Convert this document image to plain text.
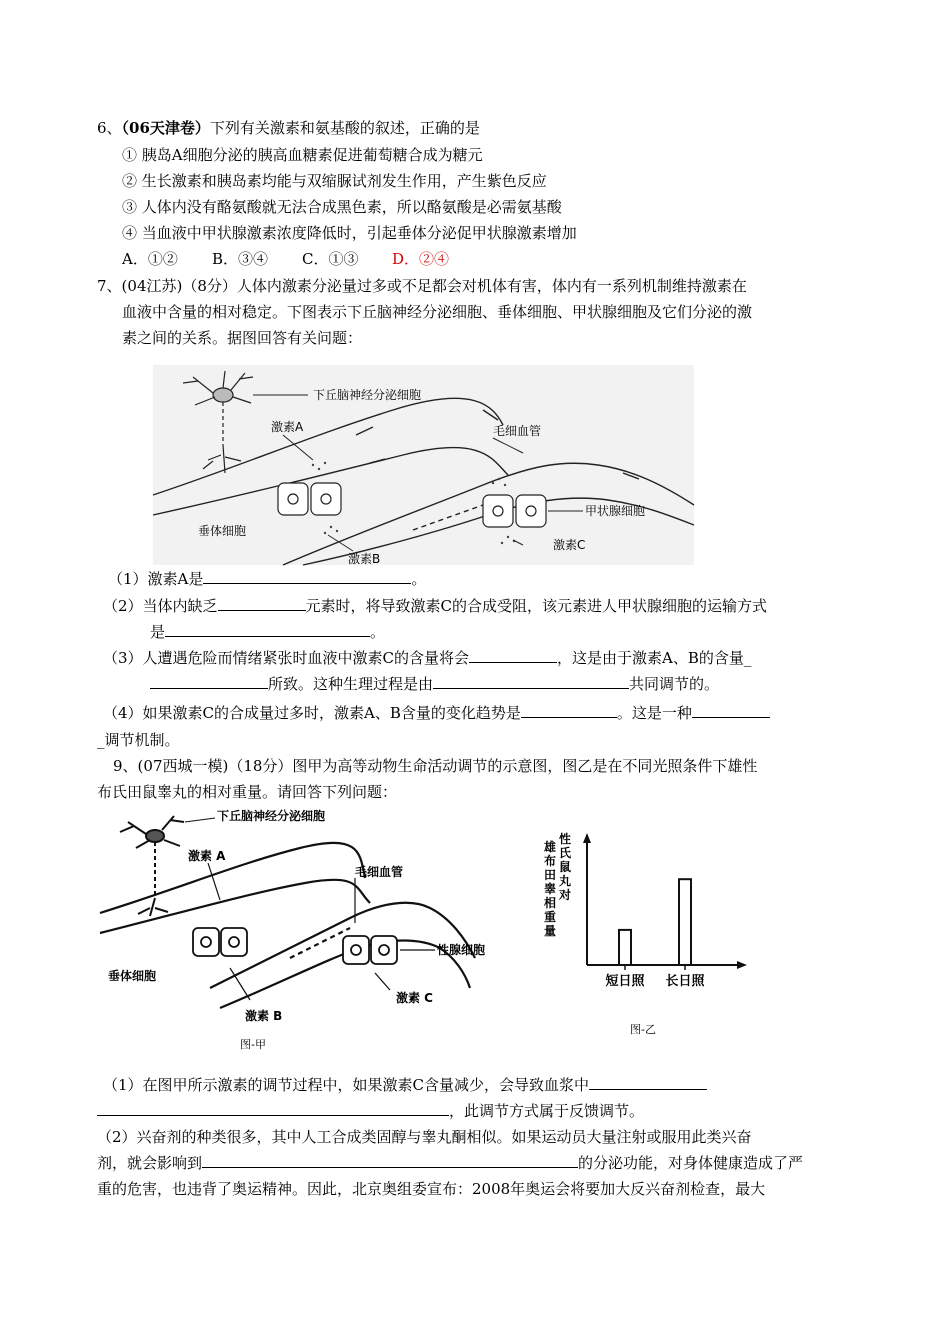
6、（06天津卷）下列有关激素和氨基酸的叙述，正确的是
① 胰岛A细胞分泌的胰高血糖素促进葡萄糖合成为糖元
② 生长激素和胰岛素均能与双缩脲试剂发生作用，产生紫色反应
③ 人体内没有酪氨酸就无法合成黑色素，所以酪氨酸是必需氨基酸
④ 当血液中甲状腺激素浓度降低时，引起垂体分泌促甲状腺激素增加
A．①② B．③④ C．①③ D．②④
7、(04江苏)（8分）人体内激素分泌量过多或不足都会对机体有害，体内有一系列机制维持激素在
血液中含量的相对稳定。下图表示下丘脑神经分泌细胞、垂体细胞、甲状腺细胞及它们分泌的激
素之间的关系。据图回答有关问题：
下丘脑神经分泌细胞
激素A	毛细血管
垂体细胞
激素B
甲状腺细胞
激素C
（1）激素A是	。
（2）当体内缺乏	元素时，将导致激素C的合成受阻，该元素进人甲状腺细胞的运输方式
是	。
（3）人遭遇危险而情绪紧张时血液中激素C的含量将会	，这是由于激素A、B的含量_
所致。这种生理过程是由	共同调节的。
（4）如果激素C的合成量过多时，激素A、B含量的变化趋势是	。这是一种
_调节机制。
9、(07西城一模)（18分）图甲为高等动物生命活动调节的示意图，图乙是在不同光照条件下雄性
布氏田鼠睾丸的相对重量。请回答下列问题：
下丘脑神经分泌细胞
激素 A
毛细血管
垂体细胞
激素 B
性腺细胞
激素 C
图-甲
雄布田睾相重量
性氏鼠丸对
短日照 长日照
图-乙
（1）在图甲所示激素的调节过程中，如果激素C含量减少，会导致血浆中
，此调节方式属于反馈调节。
（2）兴奋剂的种类很多，其中人工合成类固醇与睾丸酮相似。如果运动员大量注射或服用此类兴奋
剂，就会影响到	的分泌功能，对身体健康造成了严
重的危害，也违背了奥运精神。因此，北京奥组委宣布：2008年奥运会将要加大反兴奋剂检查，最大
